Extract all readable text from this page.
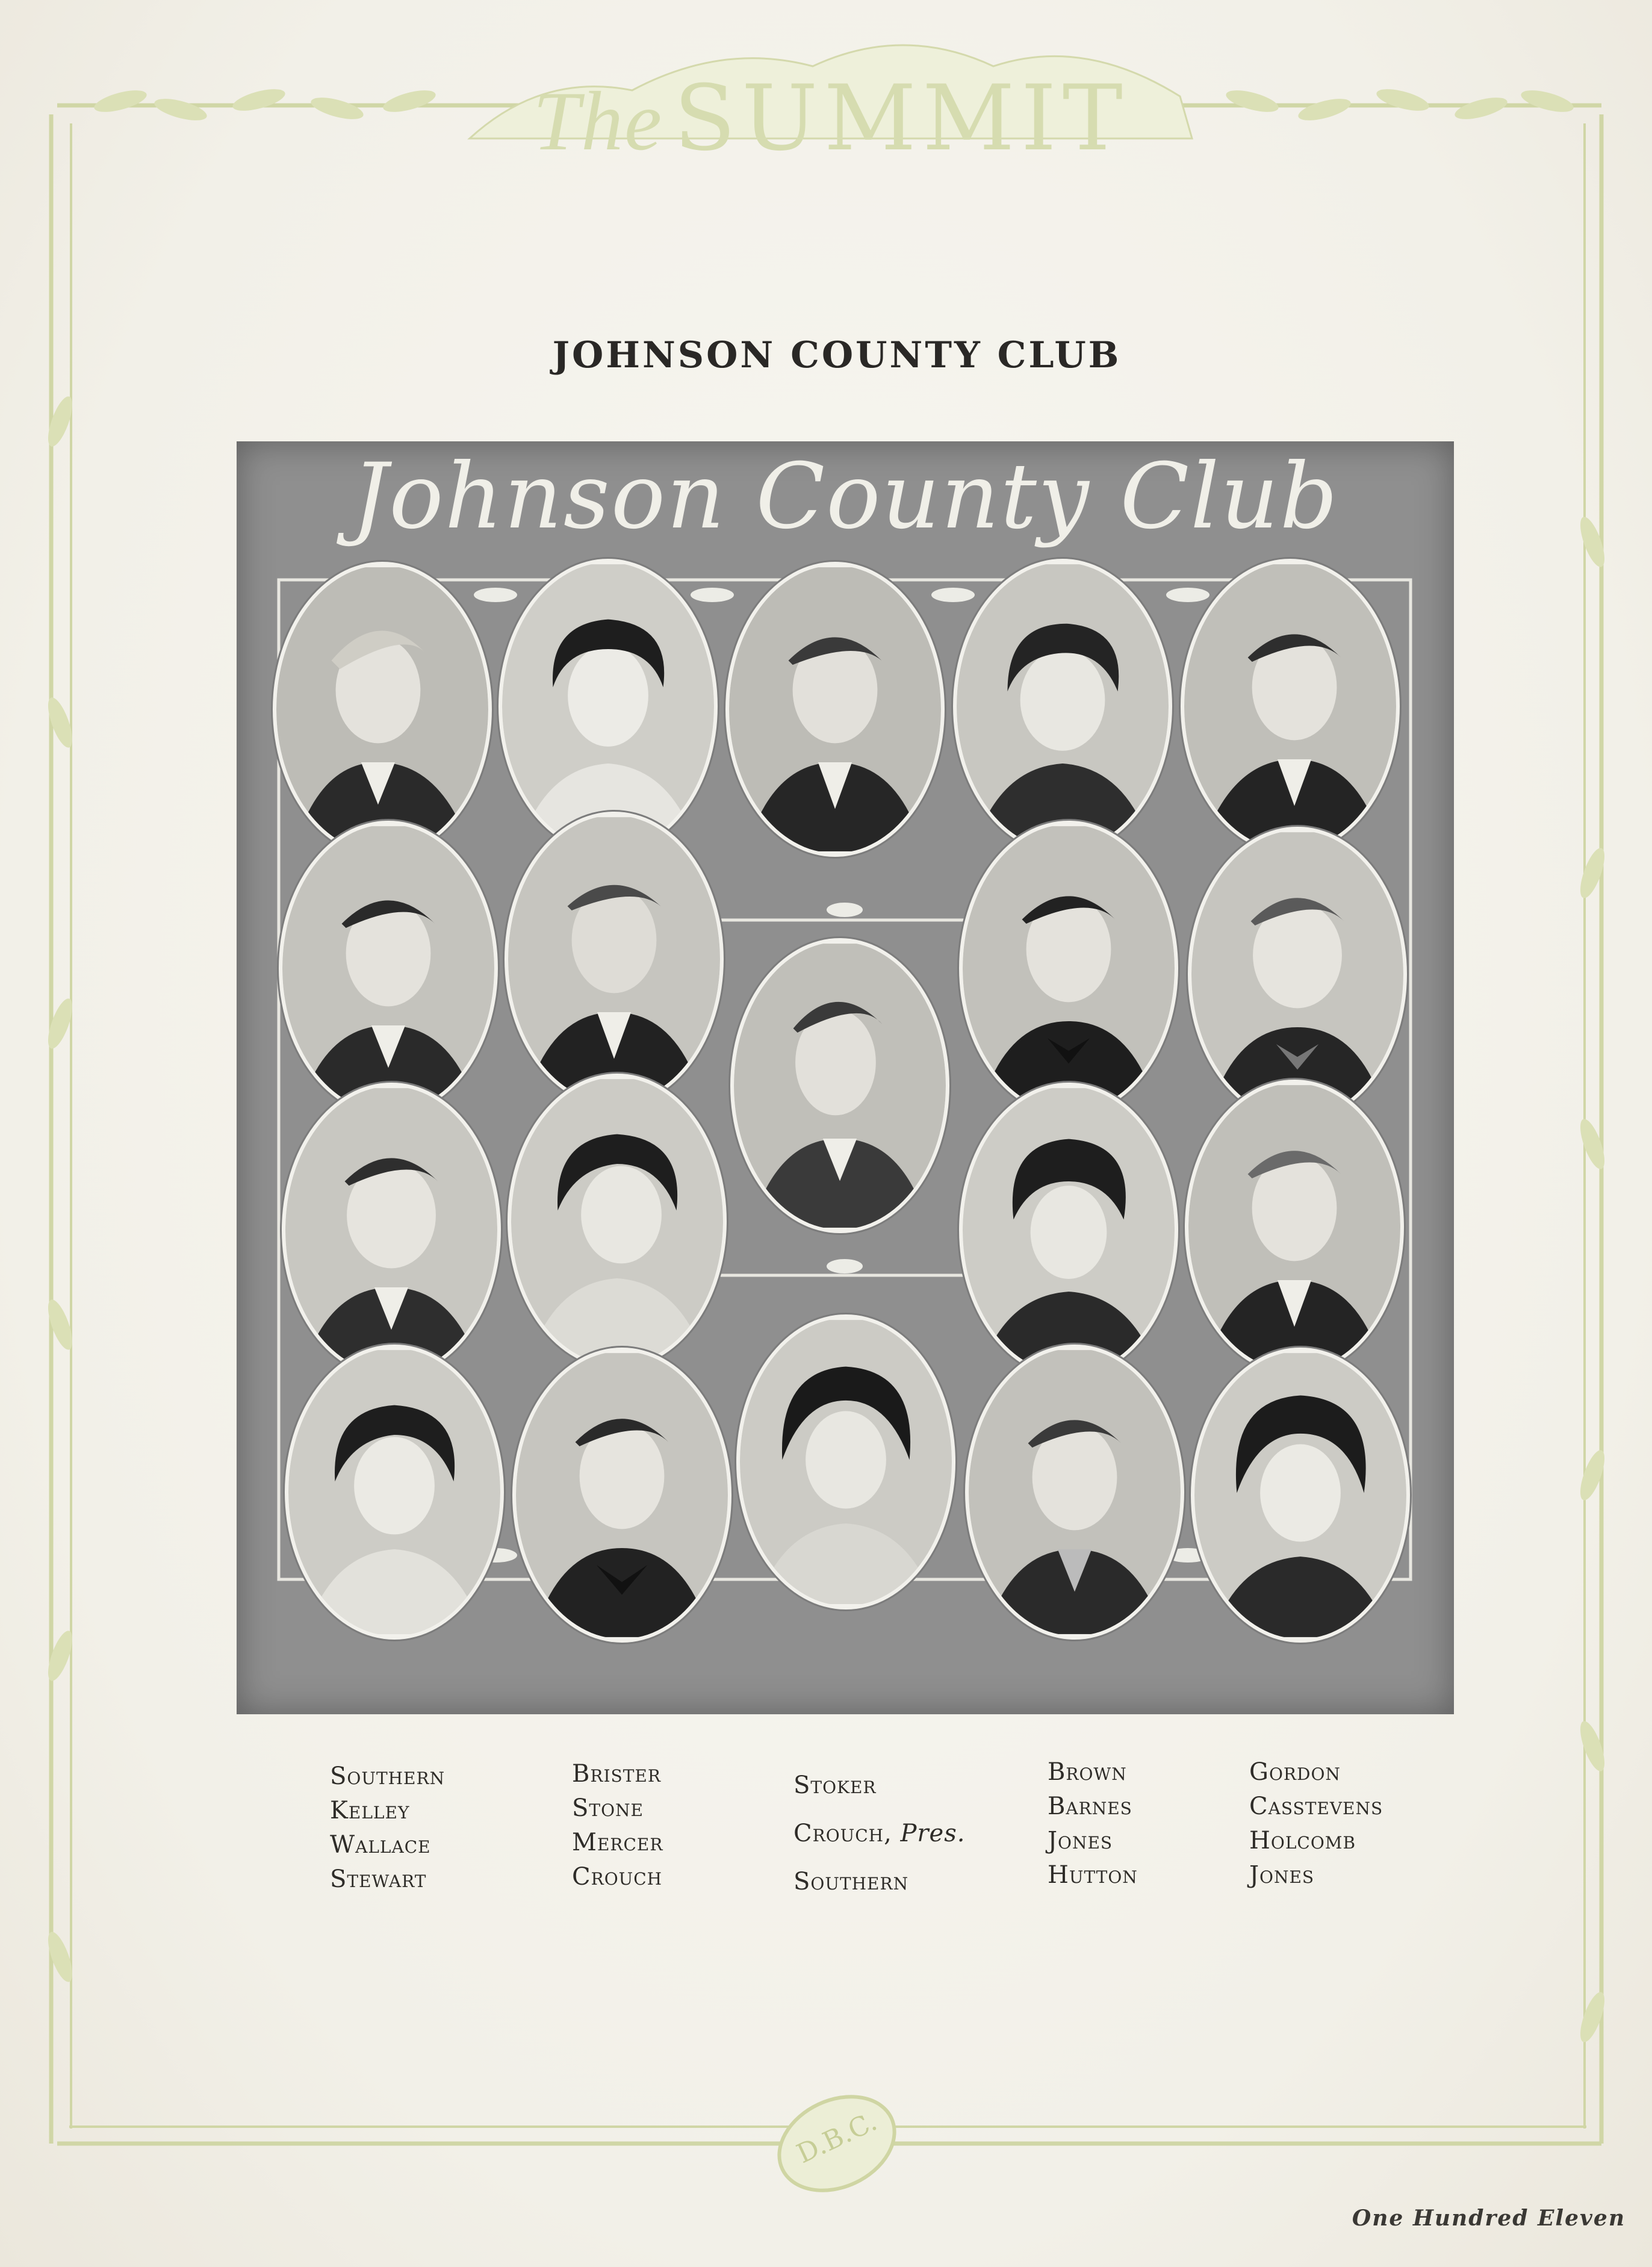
The SUMMIT
JOHNSON COUNTY CLUB
Johnson County Club
Southern
Kelley
Wallace
Stewart
Brister
Stone
Mercer
Crouch
Stoker
Crouch, Pres.
Southern
Brown
Barnes
Jones
Hutton
Gordon
Casstevens
Holcomb
Jones
D.B.C.
One Hundred Eleven
